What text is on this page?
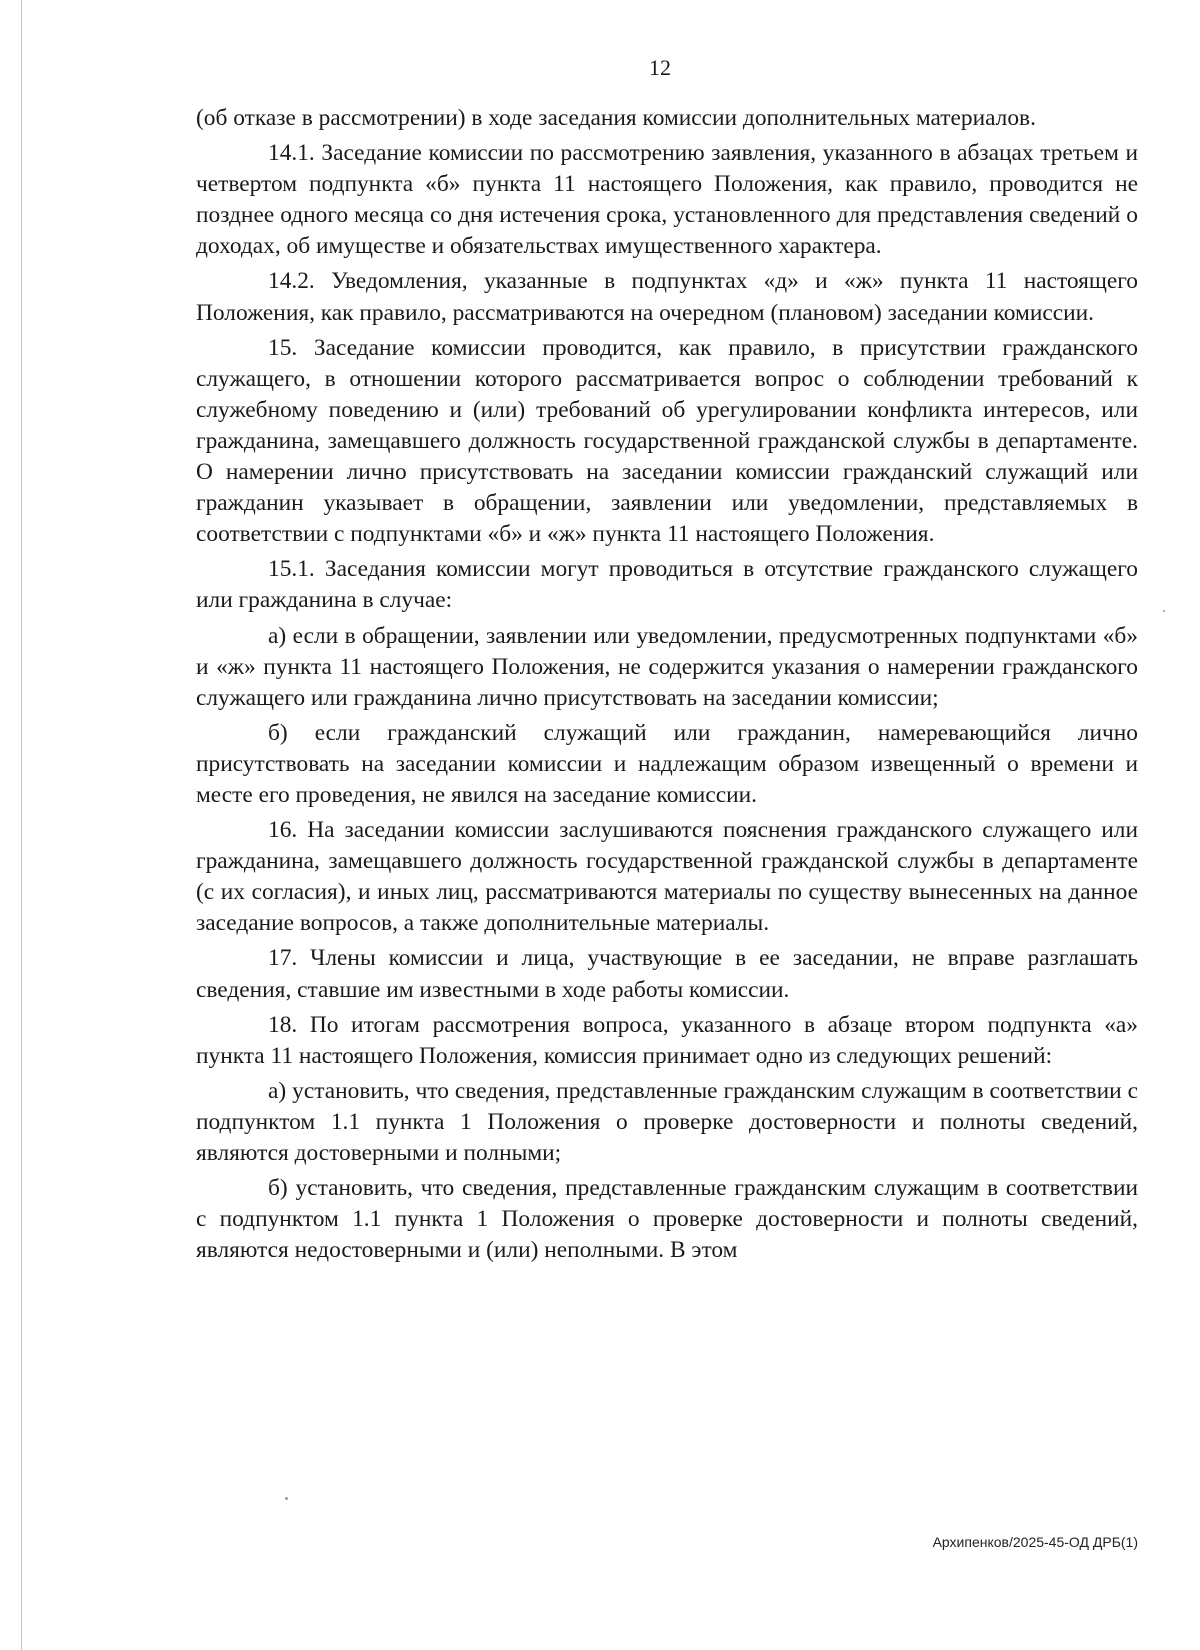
12

(об отказе в рассмотрении) в ходе заседания комиссии дополнительных материалов.

14.1. Заседание комиссии по рассмотрению заявления, указанного в абзацах третьем и четвертом подпункта «б» пункта 11 настоящего Положения, как правило, проводится не позднее одного месяца со дня истечения срока, установленного для представления сведений о доходах, об имуществе и обязательствах имущественного характера.

14.2. Уведомления, указанные в подпунктах «д» и «ж» пункта 11 настоящего Положения, как правило, рассматриваются на очередном (плановом) заседании комиссии.

15. Заседание комиссии проводится, как правило, в присутствии гражданского служащего, в отношении которого рассматривается вопрос о соблюдении требований к служебному поведению и (или) требований об урегулировании конфликта интересов, или гражданина, замещавшего должность государственной гражданской службы в департаменте. О намерении лично присутствовать на заседании комиссии гражданский служащий или гражданин указывает в обращении, заявлении или уведомлении, представляемых в соответствии с подпунктами «б» и «ж» пункта 11 настоящего Положения.

15.1. Заседания комиссии могут проводиться в отсутствие гражданского служащего или гражданина в случае:

а) если в обращении, заявлении или уведомлении, предусмотренных подпунктами «б» и «ж» пункта 11 настоящего Положения, не содержится указания о намерении гражданского служащего или гражданина лично присутствовать на заседании комиссии;

б) если гражданский служащий или гражданин, намеревающийся лично присутствовать на заседании комиссии и надлежащим образом извещенный о времени и месте его проведения, не явился на заседание комиссии.

16. На заседании комиссии заслушиваются пояснения гражданского служащего или гражданина, замещавшего должность государственной гражданской службы в департаменте (с их согласия), и иных лиц, рассматриваются материалы по существу вынесенных на данное заседание вопросов, а также дополнительные материалы.

17. Члены комиссии и лица, участвующие в ее заседании, не вправе разглашать сведения, ставшие им известными в ходе работы комиссии.

18. По итогам рассмотрения вопроса, указанного в абзаце втором подпункта «а» пункта 11 настоящего Положения, комиссия принимает одно из следующих решений:

а) установить, что сведения, представленные гражданским служащим в соответствии с подпунктом 1.1 пункта 1 Положения о проверке достоверности и полноты сведений, являются достоверными и полными;

б) установить, что сведения, представленные гражданским служащим в соответствии с подпунктом 1.1 пункта 1 Положения о проверке достоверности и полноты сведений, являются недостоверными и (или) неполными. В этом

Архипенков/2025-45-ОД ДРБ(1)
